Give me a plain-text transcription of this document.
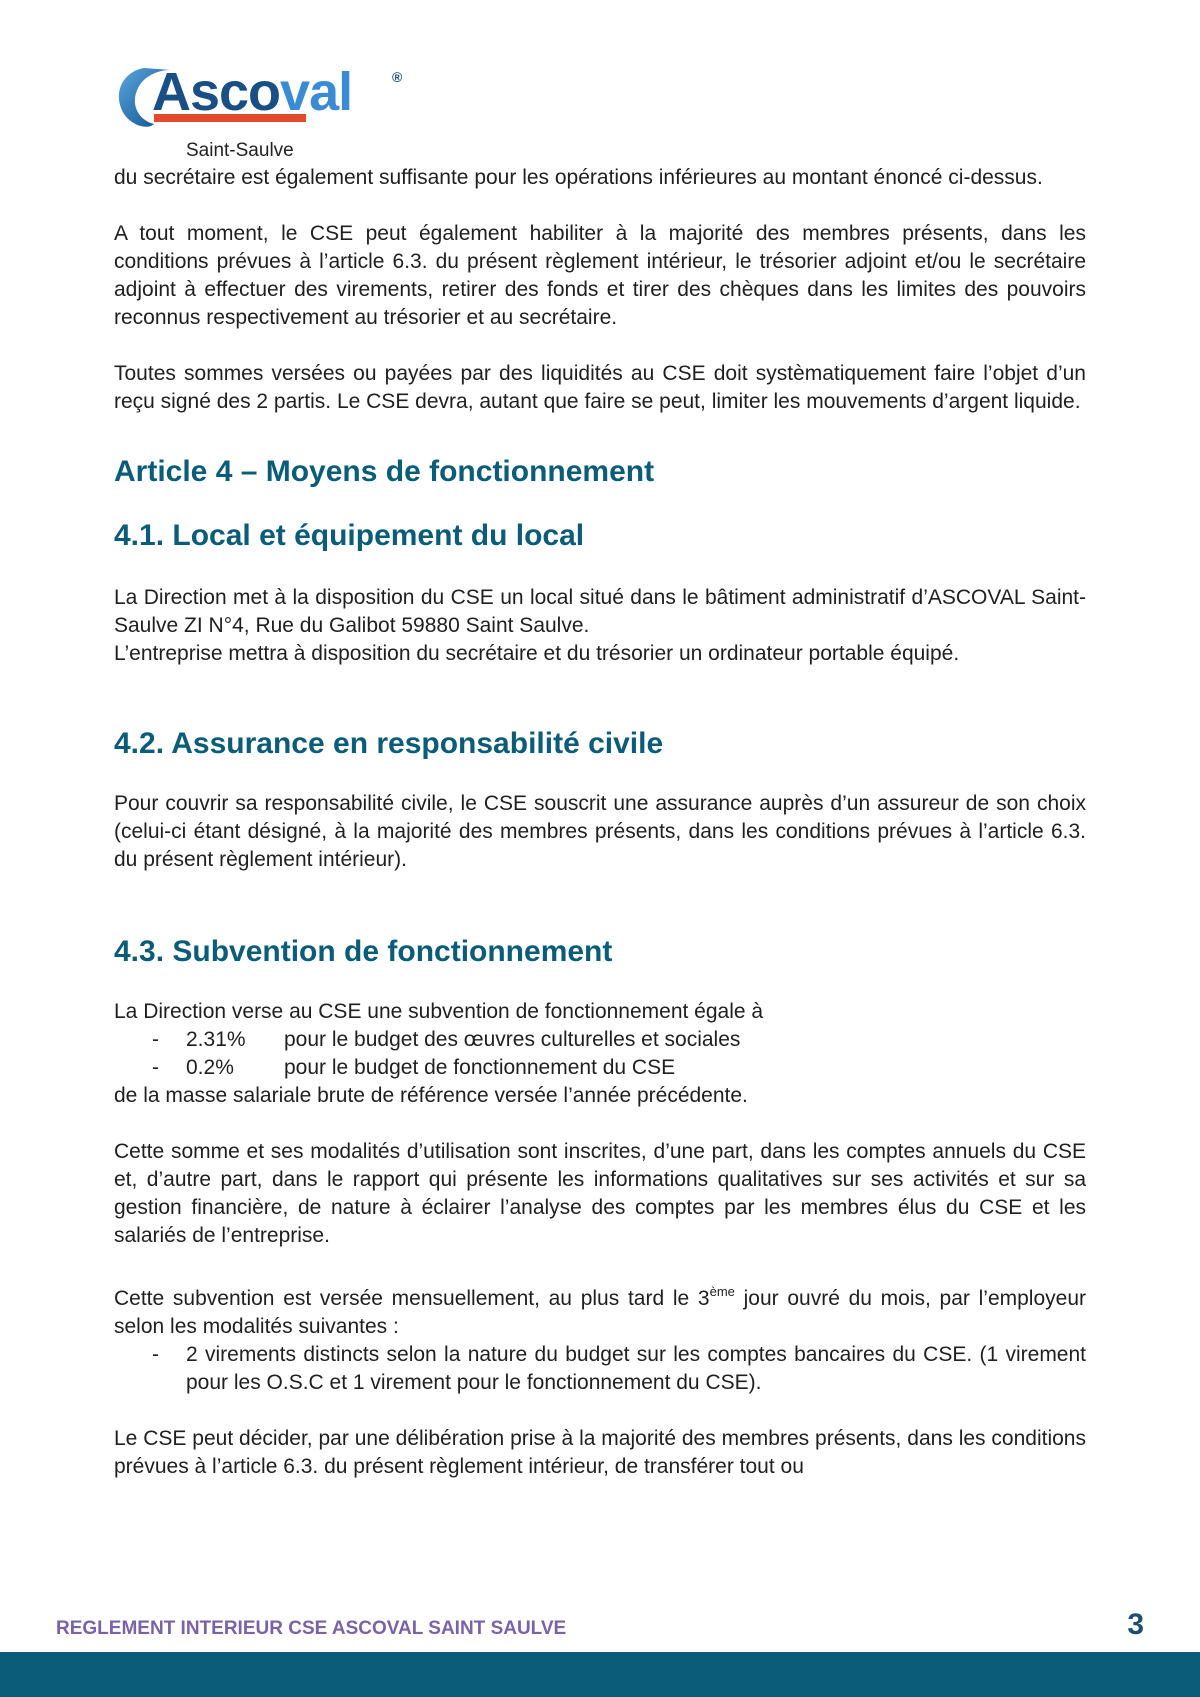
Ascoval	®
Saint-Saulve

du secrétaire est également suffisante pour les opérations inférieures au montant énoncé ci-dessus.

A tout moment, le CSE peut également habiliter à la majorité des membres présents, dans les conditions prévues à l’article 6.3. du présent règlement intérieur, le trésorier adjoint et/ou le secrétaire adjoint à effectuer des virements, retirer des fonds et tirer des chèques dans les limites des pouvoirs reconnus respectivement au trésorier et au secrétaire.

Toutes sommes versées ou payées par des liquidités au CSE doit systèmatiquement faire l’objet d’un reçu signé des 2 partis. Le CSE devra, autant que faire se peut, limiter les mouvements d’argent liquide.

Article 4 – Moyens de fonctionnement
4.1. Local et équipement du local

La Direction met à la disposition du CSE un local situé dans le bâtiment administratif d’ASCOVAL Saint-Saulve ZI N°4, Rue du Galibot 59880 Saint Saulve.

L’entreprise mettra à disposition du secrétaire et du trésorier un ordinateur portable équipé.

4.2. Assurance en responsabilité civile

Pour couvrir sa responsabilité civile, le CSE souscrit une assurance auprès d’un assureur de son choix (celui-ci étant désigné, à la majorité des membres présents, dans les conditions prévues à l’article 6.3. du présent règlement intérieur).

4.3. Subvention de fonctionnement

La Direction verse au CSE une subvention de fonctionnement égale à

- 2.31% pour le budget des œuvres culturelles et sociales
- 0.2% pour le budget de fonctionnement du CSE

de la masse salariale brute de référence versée l’année précédente.

Cette somme et ses modalités d’utilisation sont inscrites, d’une part, dans les comptes annuels du CSE et, d’autre part, dans le rapport qui présente les informations qualitatives sur ses activités et sur sa gestion financière, de nature à éclairer l’analyse des comptes par les membres élus du CSE et les salariés de l’entreprise.

Cette subvention est versée mensuellement, au plus tard le 3ème jour ouvré du mois, par l’employeur selon les modalités suivantes :

- 2 virements distincts selon la nature du budget sur les comptes bancaires du CSE. (1 virement pour les O.S.C et 1 virement pour le fonctionnement du CSE).

Le CSE peut décider, par une délibération prise à la majorité des membres présents, dans les conditions prévues à l’article 6.3. du présent règlement intérieur, de transférer tout ou

REGLEMENT INTERIEUR CSE ASCOVAL SAINT SAULVE	3
